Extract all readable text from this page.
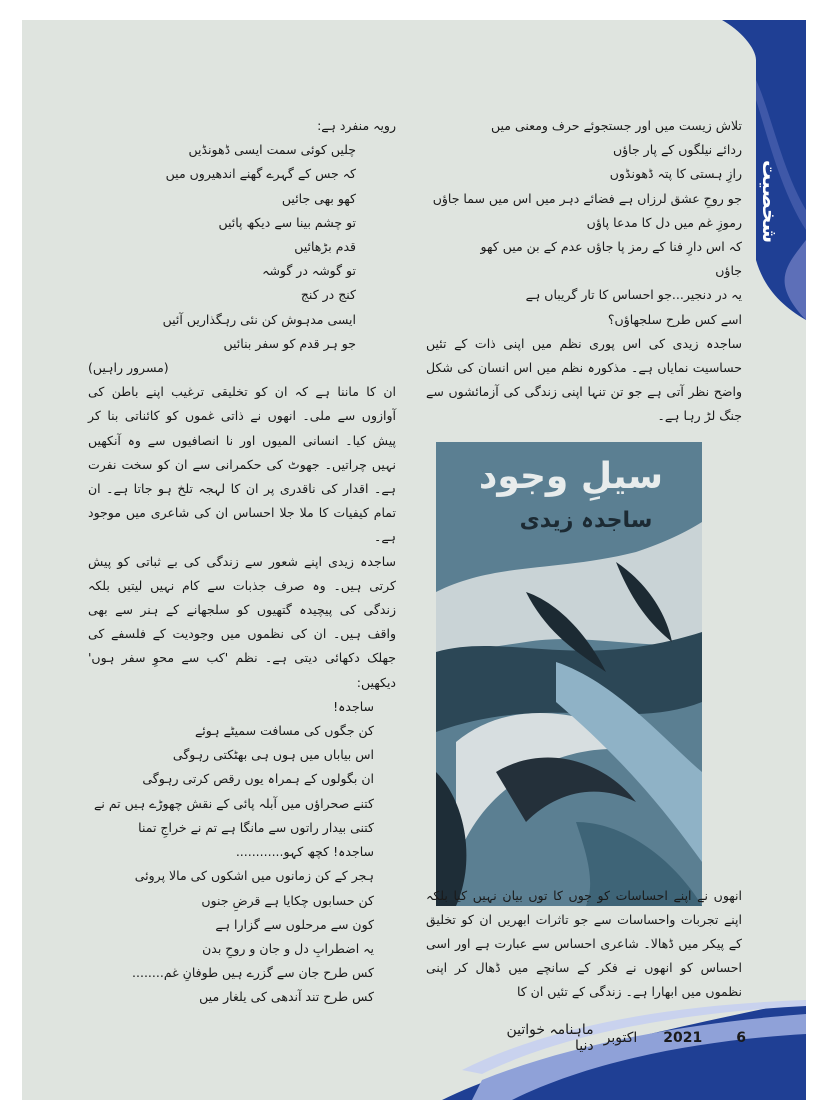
شخصیت
تلاش زیست میں اور جستجوئے حرف ومعنی میں
ردائے نیلگوں کے پار جاؤں
رازِ ہستی کا پتہ ڈھونڈوں
جو روحِ عشق لرزاں ہے فضائے دہر میں اس میں سما جاؤں
رموزِ غم میں دل کا مدعا پاؤں
کہ اس دارِ فنا کے رمز پا جاؤں عدم کے بن میں کھو
جاؤں
یہ در دنجیر...جو احساس کا تار گریباں ہے
اسے کس طرح سلجھاؤں؟
ساجدہ زیدی کی اس پوری نظم میں اپنی ذات کے تئیں حساسیت نمایاں ہے۔ مذکورہ نظم میں اس انسان کی شکل واضح نظر آتی ہے جو تن تنہا اپنی زندگی کی آزمائشوں سے جنگ لڑ رہا ہے۔
سیلِ وجود
ساجدہ زیدی
انھوں نے اپنے احساسات کو جوں کا توں بیان نہیں کیا بلکہ اپنے تجربات واحساسات سے جو تاثرات ابھریں ان کو تخلیق کے پیکر میں ڈھالا۔ شاعری احساس سے عبارت ہے اور اسی احساس کو انھوں نے فکر کے سانچے میں ڈھال کر اپنی نظموں میں ابھارا ہے۔ زندگی کے تئیں ان کا
رویہ منفرد ہے:
چلیں کوئی سمت ایسی ڈھونڈیں
کہ جس کے گہرے گھنے اندھیروں میں
کھو بھی جائیں
تو چشم بینا سے دیکھ پائیں
قدم بڑھائیں
تو گوشہ در گوشہ
کنج در کنج
ایسی مدہوش کن نئی رہگذاریں آئیں
جو ہر قدم کو سفر بنائیں
(مسرور راہیں)
ان کا ماننا ہے کہ ان کو تخلیقی ترغیب اپنے باطن کی آوازوں سے ملی۔ انھوں نے ذاتی غموں کو کائناتی بنا کر پیش کیا۔ انسانی المیوں اور نا انصافیوں سے وہ آنکھیں نہیں چراتیں۔ جھوٹ کی حکمرانی سے ان کو سخت نفرت ہے۔ اقدار کی ناقدری پر ان کا لہجہ تلخ ہو جاتا ہے۔ ان تمام کیفیات کا ملا جلا احساس ان کی شاعری میں موجود ہے۔
ساجدہ زیدی اپنے شعور سے زندگی کی بے ثباتی کو پیش کرتی ہیں۔ وہ صرف جذبات سے کام نہیں لیتیں بلکہ زندگی کی پیچیدہ گتھیوں کو سلجھانے کے ہنر سے بھی واقف ہیں۔ ان کی نظموں میں وجودیت کے فلسفے کی جھلک دکھائی دیتی ہے۔ نظم 'کب سے محوِ سفر ہوں' دیکھیں:
ساجدہ!
کن جگوں کی مسافت سمیٹے ہوئے
اس بیاباں میں ہوں ہی بھٹکتی رہوگی
ان بگولوں کے ہمراہ یوں رقص کرتی رہوگی
کتنے صحراؤں میں آبلہ پائی کے نقش چھوڑے ہیں تم نے
کتنی بیدار راتوں سے مانگا ہے تم نے خراجِ تمنا
ساجدہ! کچھ کہو............
ہجر کے کن زمانوں میں اشکوں کی مالا پروئی
کن حسابوں چکایا ہے قرضِ جنوں
کون سے مرحلوں سے گزارا ہے
یہ اضطرابِ دل و جان و روحِ بدن
کس طرح جان سے گزرے ہیں طوفانِ غم........
کس طرح تند آندھی کی یلغار میں
6
2021
اکتوبر
ماہنامہ خواتین دنیا
